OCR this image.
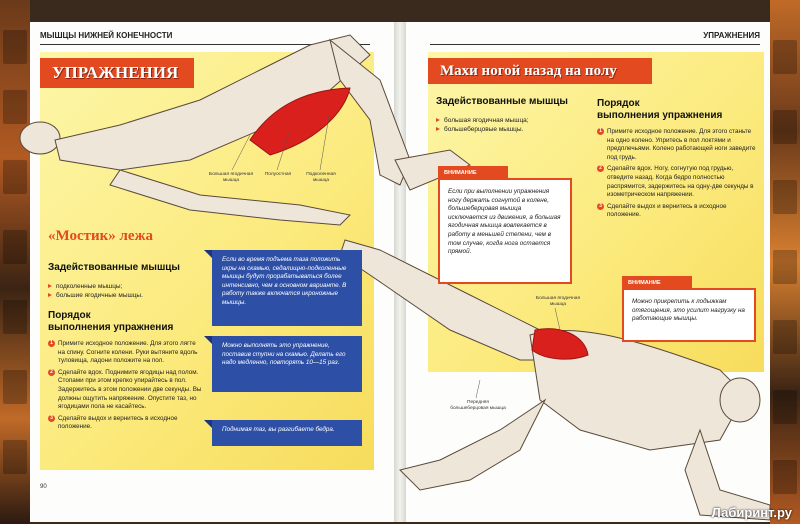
МЫШЦЫ НИЖНЕЙ КОНЕЧНОСТИ	УПРАЖНЕНИЯ
УПРАЖНЕНИЯ
Большая ягодичная мышца
Полуостная	Подколенная мышца
«Мостик» лежа
Задействованные мышцы
подколенные мышцы;
большие ягодичные мышцы.
Порядок
выполнения упражнения
1 Примите исходное положение. Для этого лягте на спину. Согните колени. Руки вытяните вдоль туловища, ладони положите на пол.
2 Сделайте вдох. Поднимите ягодицы над полом. Стопами при этом крепко упирайтесь в пол. Задержитесь в этом положении две секунды. Вы должны ощутить напряжение. Опустите таз, но ягодицами пола не касайтесь.
3 Сделайте выдох и вернитесь в исходное положение.
Если во время подъема таза положить икры на скамью, седалищно-подколенные мышцы будут прорабатываться более интенсивно, чем в основном варианте. В работу также включатся икроножные мышцы.
Можно выполнять это упражнение, поставив ступни на скамью. Делать его надо медленно, повторять 10—15 раз.
Поднимая таз, вы разгибаете бедра.
90
Махи ногой назад на полу
Задействованные мышцы
большая ягодичная мышца;
большеберцовые мышцы.
Порядок
выполнения упражнения
1 Примите исходное положение. Для этого станьте на одно колено. Упритесь в пол локтями и предплечьями. Колено работающей ноги заведите под грудь.
2 Сделайте вдох. Ногу, согнутую под грудью, отведите назад. Когда бедро полностью распрямится, задержитесь на одну-две секунды в изометрическом напряжении.
3 Сделайте выдох и вернитесь в исходное положение.
ВНИМАНИЕ
Если при выполнении упражнения ногу держать согнутой в колене, большеберцовая мышца исключается из движения, а большая ягодичная мышца вовлекается в работу в меньшей степени, чем в том случае, когда нога остается прямой.
ВНИМАНИЕ
Можно прикрепить к лодыжкам отягощения, это усилит нагрузку на работающие мышцы.
Большая ягодичная мышца
Передняя большеберцовая мышца
Лабиринт.ру
